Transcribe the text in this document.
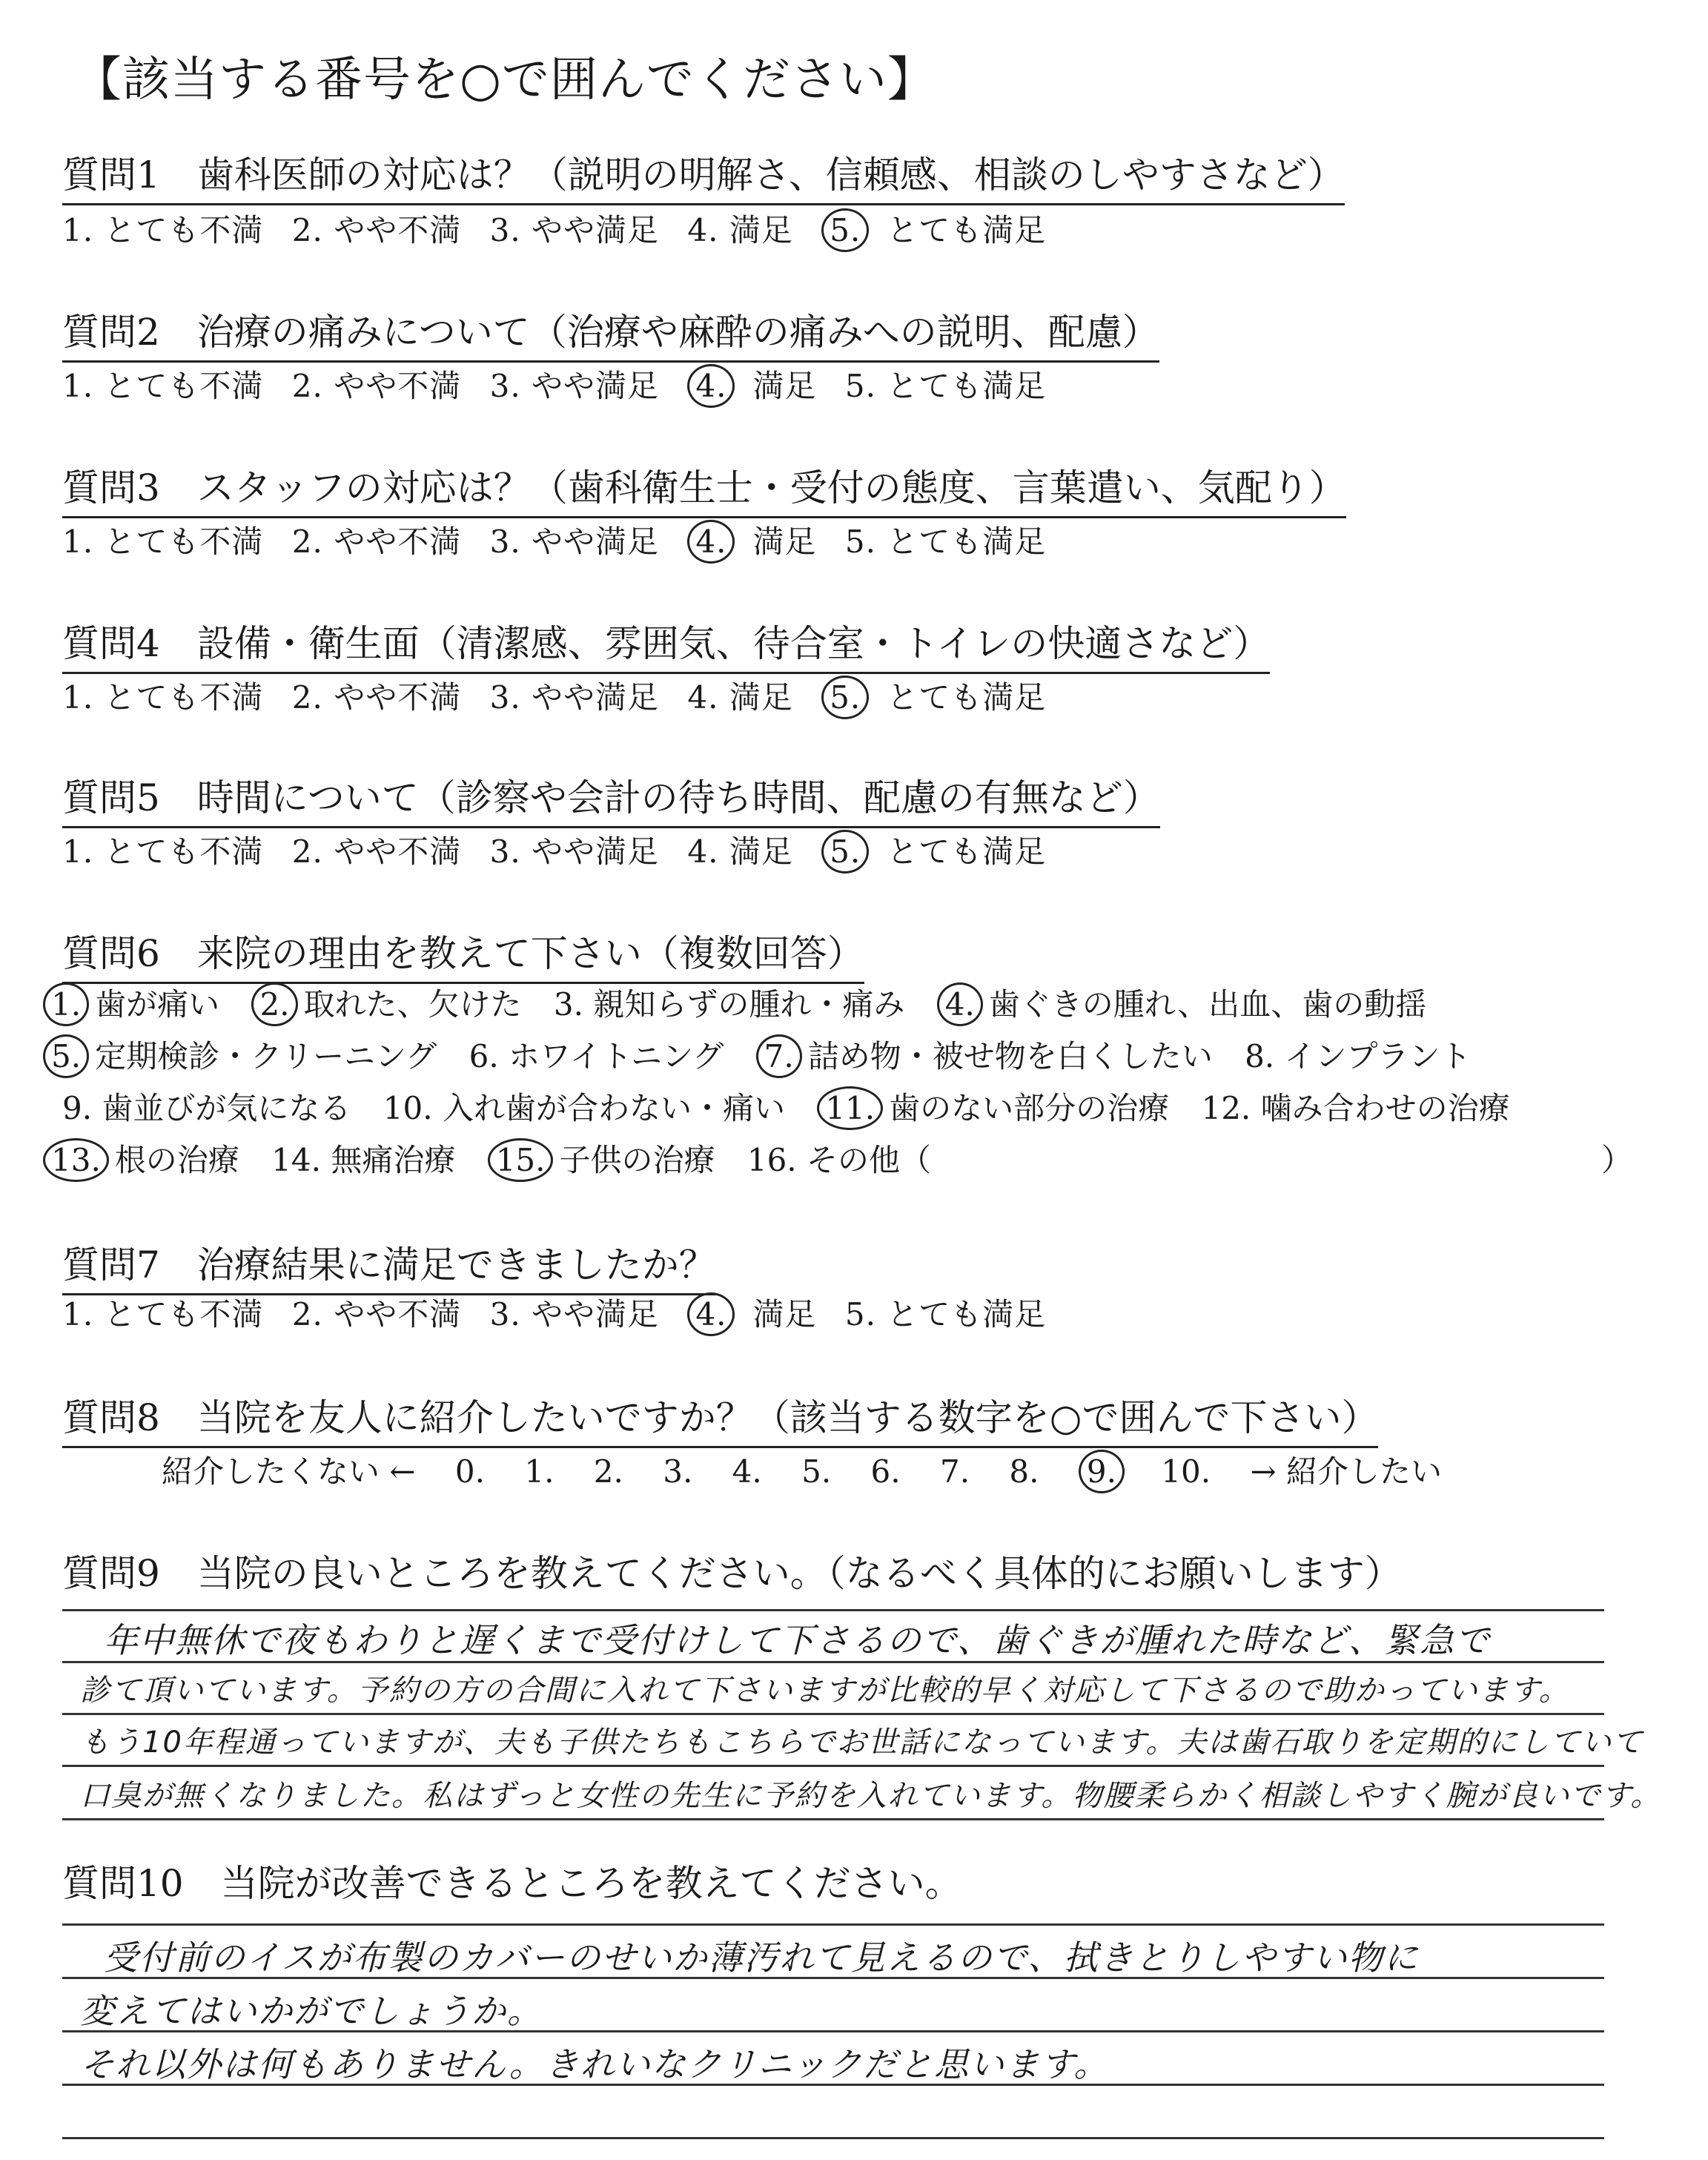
【該当する番号を○で囲んでください】
質問1　歯科医師の対応は？（説明の明解さ、信頼感、相談のしやすさなど）
1. とても不満 2. やや不満 3. やや満足 4. 満足 5. とても満足
質問2　治療の痛みについて（治療や麻酔の痛みへの説明、配慮）
1. とても不満 2. やや不満 3. やや満足 4. 満足 5. とても満足
質問3　スタッフの対応は？（歯科衛生士・受付の態度、言葉遣い、気配り）
1. とても不満 2. やや不満 3. やや満足 4. 満足 5. とても満足
質問4　設備・衛生面（清潔感、雰囲気、待合室・トイレの快適さなど）
1. とても不満 2. やや不満 3. やや満足 4. 満足 5. とても満足
質問5　時間について（診察や会計の待ち時間、配慮の有無など）
1. とても不満 2. やや不満 3. やや満足 4. 満足 5. とても満足
質問6　来院の理由を教えて下さい（複数回答）
1. 歯が痛い 2. 取れた、欠けた 3. 親知らずの腫れ・痛み 4. 歯ぐきの腫れ、出血、歯の動揺
5. 定期検診・クリーニング 6. ホワイトニング 7. 詰め物・被せ物を白くしたい 8. インプラント
9. 歯並びが気になる 10. 入れ歯が合わない・痛い 11. 歯のない部分の治療 12. 噛み合わせの治療
13. 根の治療 14. 無痛治療 15. 子供の治療 16. その他（	）
質問7　治療結果に満足できましたか？
1. とても不満 2. やや不満 3. やや満足 4. 満足 5. とても満足
質問8　当院を友人に紹介したいですか？（該当する数字を○で囲んで下さい）
紹介したくない ← 0. 1. 2. 3. 4. 5. 6. 7. 8. 9. 10. → 紹介したい
質問9　当院の良いところを教えてください。（なるべく具体的にお願いします）
年中無休で夜もわりと遅くまで受付けして下さるので、歯ぐきが腫れた時など、緊急で
診て頂いています。予約の方の合間に入れて下さいますが比較的早く対応して下さるので助かっています。
もう10年程通っていますが、夫も子供たちもこちらでお世話になっています。夫は歯石取りを定期的にしていて
口臭が無くなりました。私はずっと女性の先生に予約を入れています。物腰柔らかく相談しやすく腕が良いです。
質問10　当院が改善できるところを教えてください。
受付前のイスが布製のカバーのせいか薄汚れて見えるので、拭きとりしやすい物に
変えてはいかがでしょうか。
それ以外は何もありません。きれいなクリニックだと思います。
